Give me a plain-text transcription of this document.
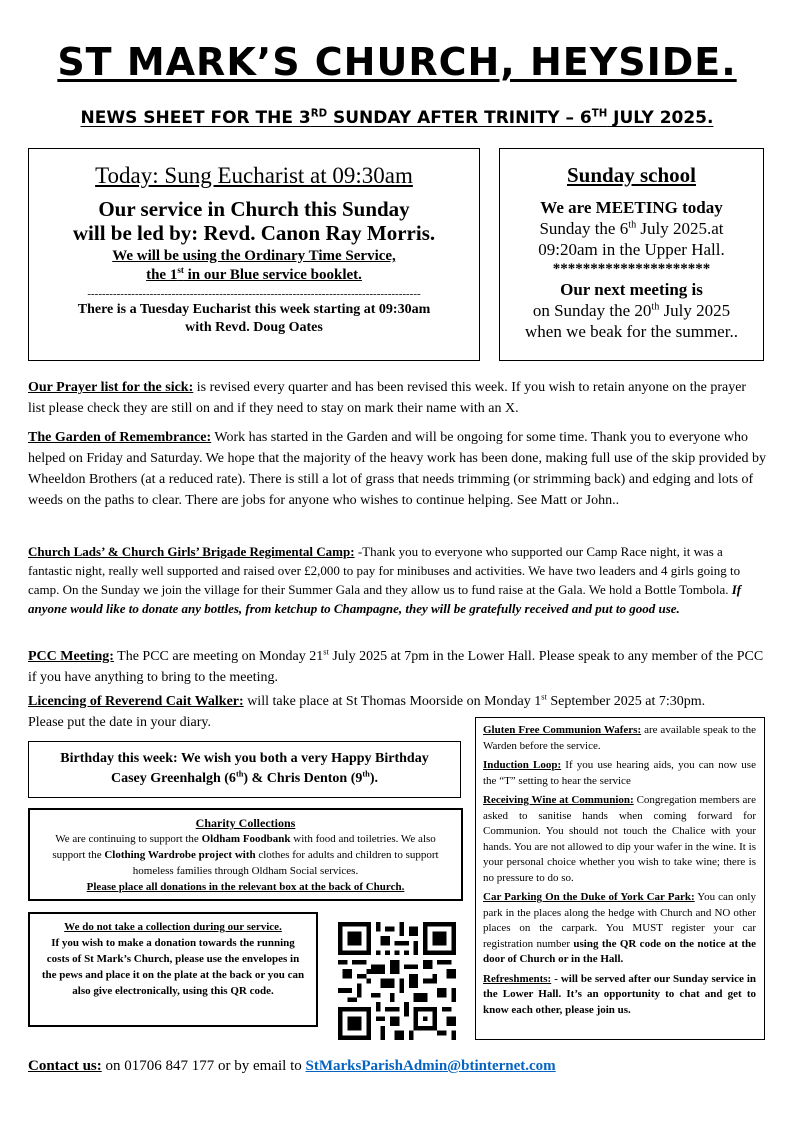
ST MARK’S CHURCH, HEYSIDE.
NEWS SHEET FOR THE 3RD SUNDAY AFTER TRINITY – 6TH JULY 2025.
Today: Sung Eucharist at 09:30am
Our service in Church this Sunday
will be led by: Revd. Canon Ray Morris.
We will be using the Ordinary Time Service,
the 1st in our Blue service booklet.
-------------------------------------------------------------------------------------------
There is a Tuesday Eucharist this week starting at 09:30am
with Revd. Doug Oates
Sunday school
We are MEETING today
Sunday the 6th July 2025.at
09:20am in the Upper Hall.
*********************
Our next meeting is
on Sunday the 20th July 2025
when we beak for the summer..
Our Prayer list for the sick: is revised every quarter and has been revised this week. If you wish to retain anyone on the prayer list please check they are still on and if they need to stay on mark their name with an X.
The Garden of Remembrance: Work has started in the Garden and will be ongoing for some time. Thank you to everyone who helped on Friday and Saturday. We hope that the majority of the heavy work has been done, making full use of the skip provided by Wheeldon Brothers (at a reduced rate). There is still a lot of grass that needs trimming (or strimming back) and edging and lots of weeds on the paths to clear. There are jobs for anyone who wishes to continue helping. See Matt or John..
Church Lads’ & Church Girls’ Brigade Regimental Camp: -Thank you to everyone who supported our Camp Race night, it was a fantastic night, really well supported and raised over £2,000 to pay for minibuses and activities. We have two leaders and 4 girls going to camp. On the Sunday we join the village for their Summer Gala and they allow us to fund raise at the Gala. We hold a Bottle Tombola. If anyone would like to donate any bottles, from ketchup to Champagne, they will be gratefully received and put to good use.
PCC Meeting: The PCC are meeting on Monday 21st July 2025 at 7pm in the Lower Hall. Please speak to any member of the PCC if you have anything to bring to the meeting.
Licencing of Reverend Cait Walker: will take place at St Thomas Moorside on Monday 1st September 2025 at 7:30pm.
Please put the date in your diary.
Birthday this week: We wish you both a very Happy Birthday
Casey Greenhalgh (6th) & Chris Denton (9th).
Charity Collections
We are continuing to support the Oldham Foodbank with food and toiletries. We also support the Clothing Wardrobe project with clothes for adults and children to support homeless families through Oldham Social services.
Please place all donations in the relevant box at the back of Church.
We do not take a collection during our service.
If you wish to make a donation towards the running costs of St Mark’s Church, please use the envelopes in the pews and place it on the plate at the back or you can also give electronically, using this QR code.

Gluten Free Communion Wafers: are available speak to the Warden before the service.

Induction Loop: If you use hearing aids, you can now use the “T” setting to hear the service

Receiving Wine at Communion: Congregation members are asked to sanitise hands when coming forward for Communion. You should not touch the Chalice with your hands. You are not allowed to dip your wafer in the wine. It is your personal choice whether you wish to take wine; there is no pressure to do so.

Car Parking On the Duke of York Car Park: You can only park in the places along the hedge with Church and NO other places on the carpark. You MUST register your car registration number using the QR code on the notice at the door of Church or in the Hall.

Refreshments: - will be served after our Sunday service in the Lower Hall. It’s an opportunity to chat and get to know each other, please join us.

Contact us: on 01706 847 177 or by email to StMarksParishAdmin@btinternet.com
